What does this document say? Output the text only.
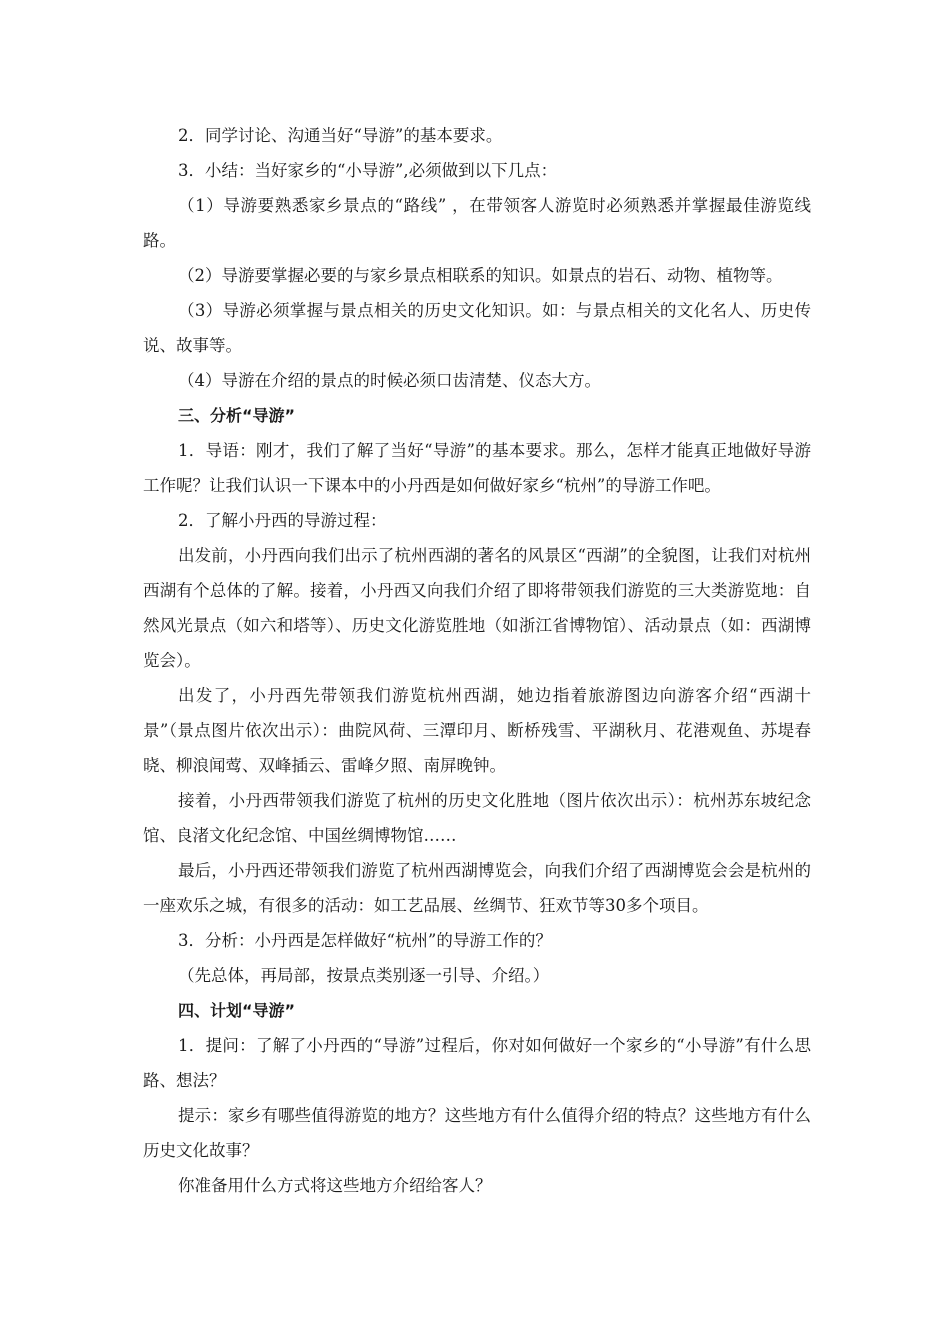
2．同学讨论、沟通当好“导游”的基本要求。

3．小结：当好家乡的“小导游”,必须做到以下几点：

（1）导游要熟悉家乡景点的“路线” ，在带领客人游览时必须熟悉并掌握最佳游览线路。

（2）导游要掌握必要的与家乡景点相联系的知识。如景点的岩石、动物、植物等。

（3）导游必须掌握与景点相关的历史文化知识。如：与景点相关的文化名人、历史传说、故事等。

（4）导游在介绍的景点的时候必须口齿清楚、仪态大方。

三、分析“导游”

1．导语：刚才，我们了解了当好“导游”的基本要求。那么，怎样才能真正地做好导游工作呢？让我们认识一下课本中的小丹西是如何做好家乡“杭州”的导游工作吧。

2．了解小丹西的导游过程：

出发前，小丹西向我们出示了杭州西湖的著名的风景区“西湖”的全貌图，让我们对杭州西湖有个总体的了解。接着，小丹西又向我们介绍了即将带领我们游览的三大类游览地：自然风光景点（如六和塔等）、历史文化游览胜地（如浙江省博物馆）、活动景点（如：西湖博览会）。

出发了，小丹西先带领我们游览杭州西湖，她边指着旅游图边向游客介绍“西湖十景”（景点图片依次出示）：曲院风荷、三潭印月、断桥残雪、平湖秋月、花港观鱼、苏堤春晓、柳浪闻莺、双峰插云、雷峰夕照、南屏晚钟。

接着，小丹西带领我们游览了杭州的历史文化胜地（图片依次出示）：杭州苏东坡纪念馆、良渚文化纪念馆、中国丝绸博物馆……

最后，小丹西还带领我们游览了杭州西湖博览会，向我们介绍了西湖博览会会是杭州的一座欢乐之城，有很多的活动：如工艺品展、丝绸节、狂欢节等30多个项目。

3．分析：小丹西是怎样做好“杭州”的导游工作的？

（先总体，再局部，按景点类别逐一引导、介绍。）

四、计划“导游”

1．提问：了解了小丹西的“导游”过程后，你对如何做好一个家乡的“小导游”有什么思路、想法？

提示：家乡有哪些值得游览的地方？这些地方有什么值得介绍的特点？这些地方有什么历史文化故事？

你准备用什么方式将这些地方介绍给客人？
